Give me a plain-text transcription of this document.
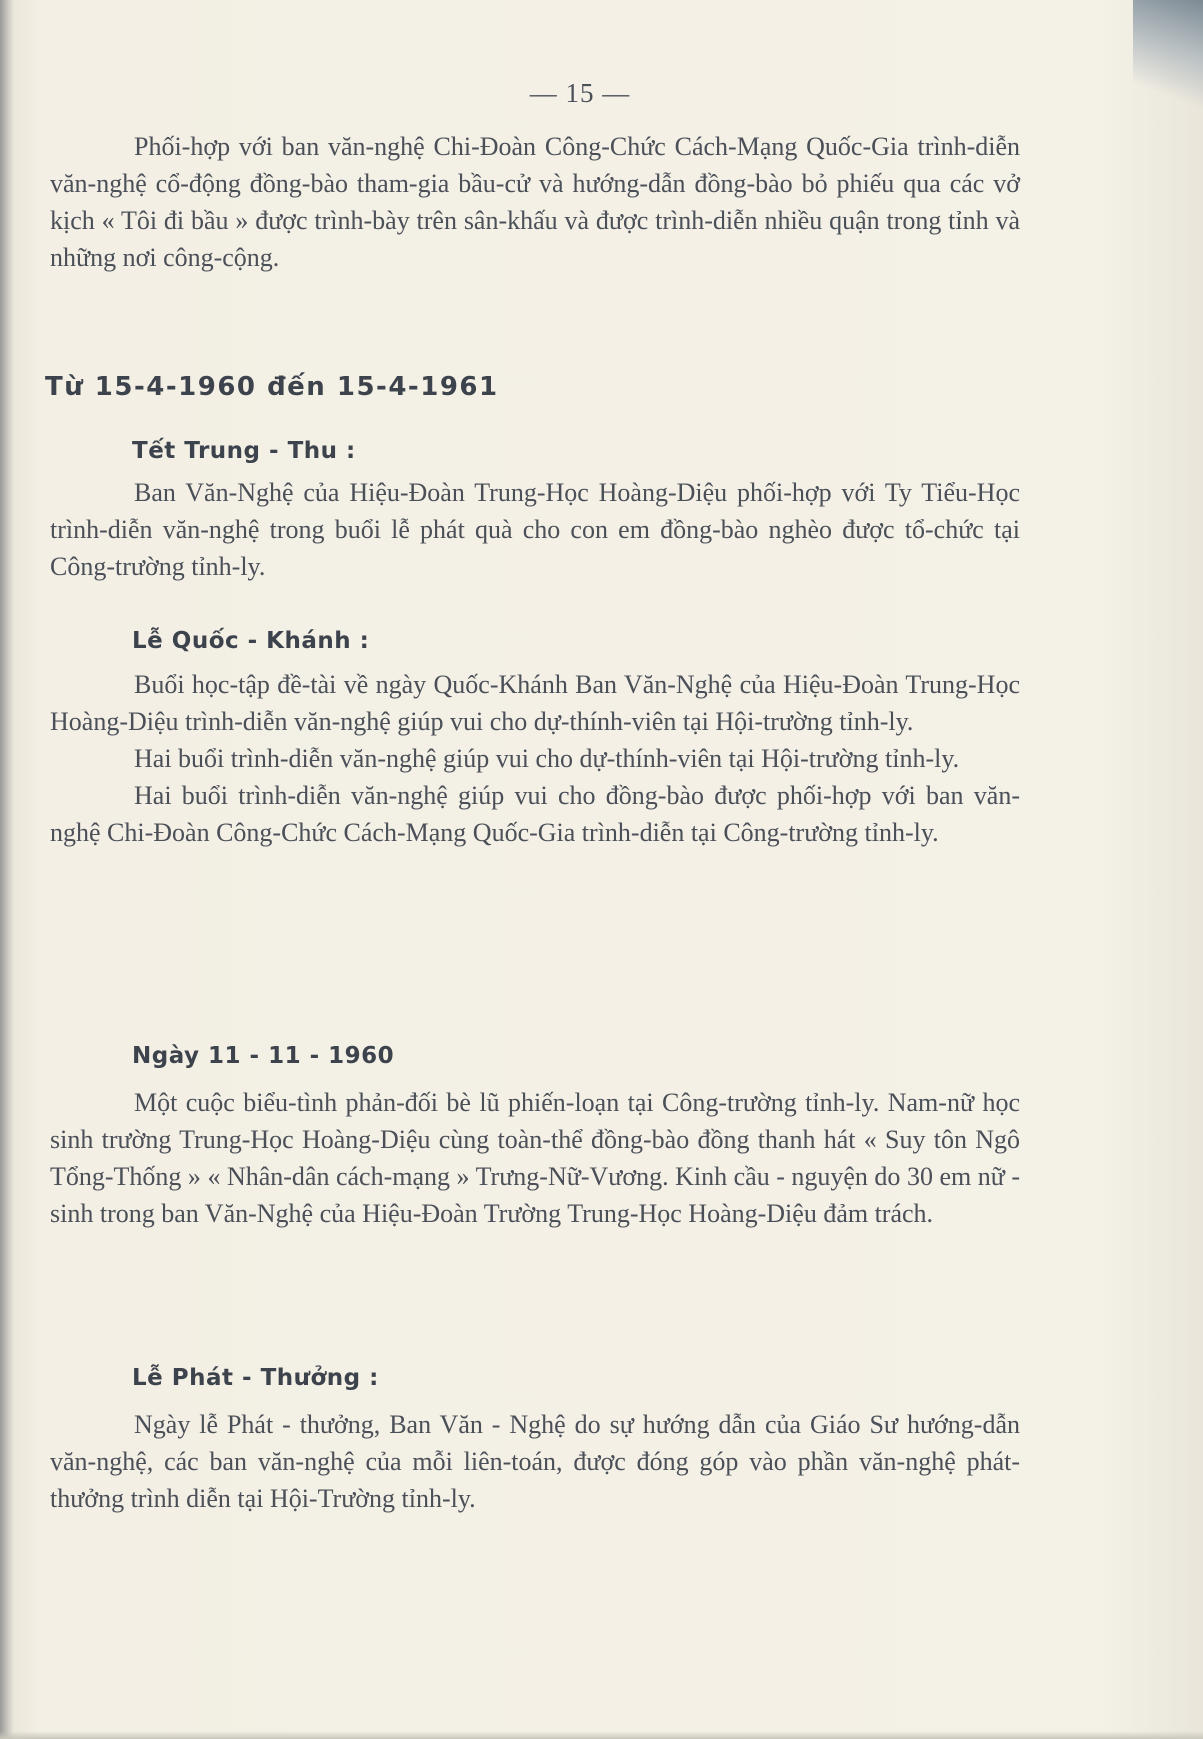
— 15 —

Phối-hợp với ban văn-nghệ Chi-Đoàn Công-Chức Cách-Mạng Quốc-Gia trình-diễn văn-nghệ cổ-động đồng-bào tham-gia bầu-cử và hướng-dẫn đồng-bào bỏ phiếu qua các vở kịch « Tôi đi bầu » được trình-bày trên sân-khấu và được trình-diễn nhiều quận trong tỉnh và những nơi công-cộng.

Từ 15-4-1960 đến 15-4-1961
Tết Trung - Thu :

Ban Văn-Nghệ của Hiệu-Đoàn Trung-Học Hoàng-Diệu phối-hợp với Ty Tiểu-Học trình-diễn văn-nghệ trong buổi lễ phát quà cho con em đồng-bào nghèo được tổ-chức tại Công-trường tỉnh-ly.

Lễ Quốc - Khánh :

Buổi học-tập đề-tài về ngày Quốc-Khánh Ban Văn-Nghệ của Hiệu-Đoàn Trung-Học Hoàng-Diệu trình-diễn văn-nghệ giúp vui cho dự-thính-viên tại Hội-trường tỉnh-ly.

Hai buổi trình-diễn văn-nghệ giúp vui cho dự-thính-viên tại Hội-trường tỉnh-ly.

Hai buổi trình-diễn văn-nghệ giúp vui cho đồng-bào được phối-hợp với ban văn-nghệ Chi-Đoàn Công-Chức Cách-Mạng Quốc-Gia trình-diễn tại Công-trường tỉnh-ly.

Ngày 11 - 11 - 1960

Một cuộc biểu-tình phản-đối bè lũ phiến-loạn tại Công-trường tỉnh-ly. Nam-nữ học sinh trường Trung-Học Hoàng-Diệu cùng toàn-thể đồng-bào đồng thanh hát « Suy tôn Ngô Tổng-Thống » « Nhân-dân cách-mạng » Trưng-Nữ-Vương. Kinh cầu - nguyện do 30 em nữ - sinh trong ban Văn-Nghệ của Hiệu-Đoàn Trường Trung-Học Hoàng-Diệu đảm trách.

Lễ Phát - Thưởng :

Ngày lễ Phát - thưởng, Ban Văn - Nghệ do sự hướng dẫn của Giáo Sư hướng-dẫn văn-nghệ, các ban văn-nghệ của mỗi liên-toán, được đóng góp vào phần văn-nghệ phát-thưởng trình diễn tại Hội-Trường tỉnh-ly.
